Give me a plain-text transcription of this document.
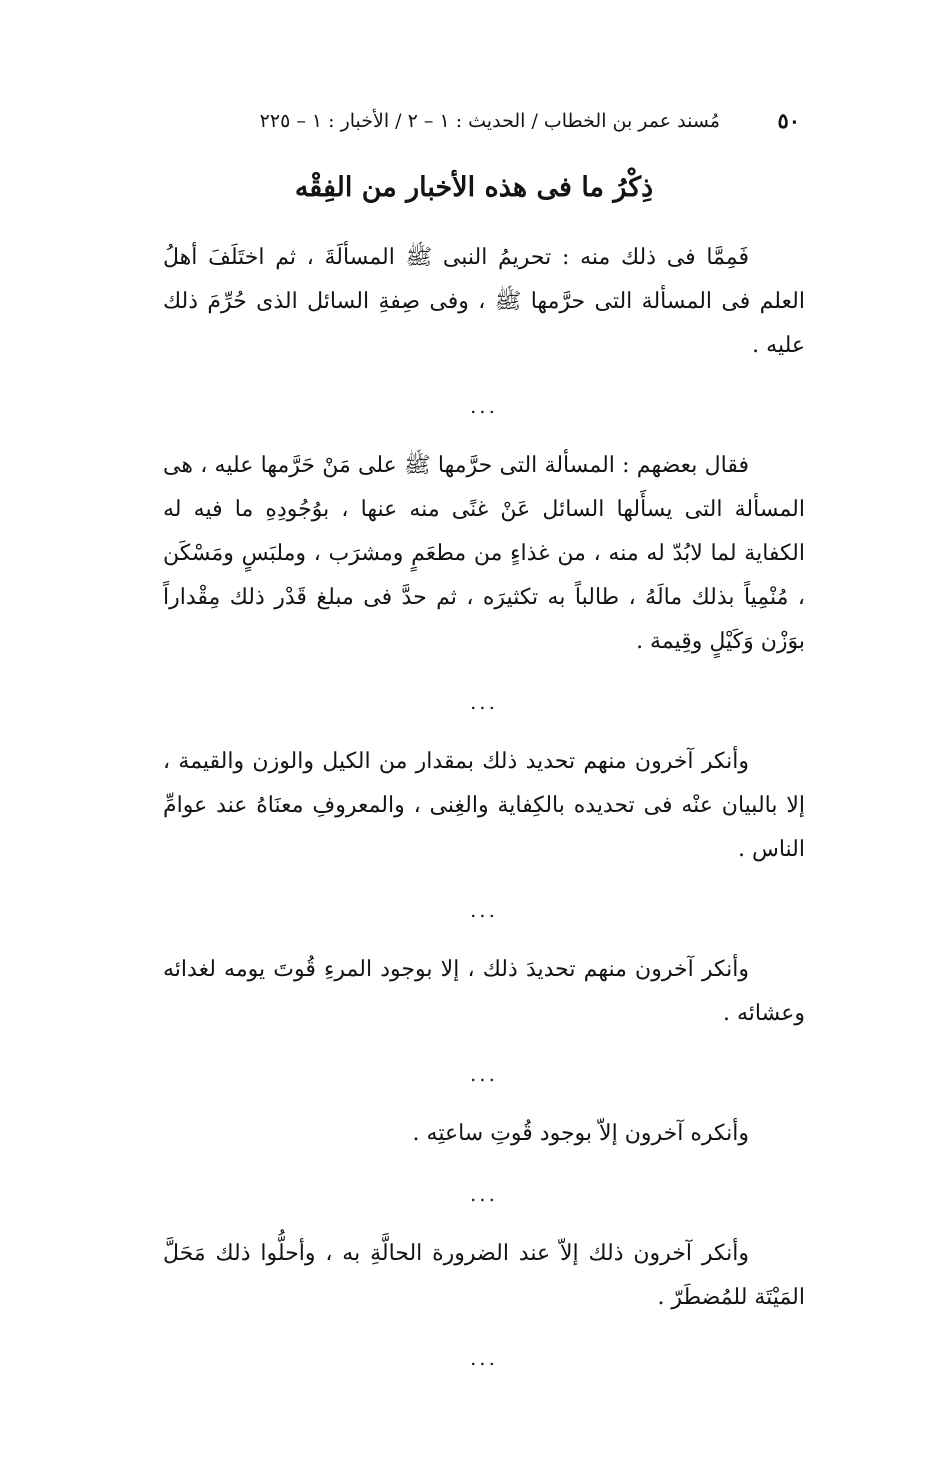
٥٠
مُسند عمر بن الخطاب / الحديث : ١ – ٢ / الأخبار : ١ – ٢٢٥
ذِكْرُ ما فى هذه الأخبار من الفِقْه

فَمِمَّا فى ذلك منه : تحريمُ النبى ﷺ المسألَةَ ، ثم اختَلَفَ أهلُ العلم فى المسألة التى حرَّمها ﷺ ، وفى صِفةِ السائل الذى حُرِّمَ ذلك عليه .

...

فقال بعضهم : المسألة التى حرَّمها ﷺ على مَنْ حَرَّمها عليه ، هى المسألة التى يسأَلها السائل عَنْ غنًى منه عنها ، بوُجُودِهِ ما فيه له الكفاية لما لابُدّ له منه ، من غذاءٍ من مطعَمٍ ومشرَب ، وملبَسٍ ومَسْكَن ، مُنْمِياً بذلك مالَهُ ، طالباً به تكثيرَه ، ثم حدَّ فى مبلغ قَدْر ذلك مِقْداراً بوَزْن وَكَيْلٍ وقِيمة .

...

وأنكر آخرون منهم تحديد ذلك بمقدار من الكيل والوزن والقيمة ، إلا بالبيان عنْه فى تحديده بالكِفاية والغِنى ، والمعروفِ معنَاهُ عند عوامِّ الناس .

...

وأنكر آخرون منهم تحديدَ ذلك ، إلا بوجود المرءِ قُوتَ يومه لغدائه وعشائه .

...

وأنكره آخرون إلاّ بوجود قُوتِ ساعتِه .

...

وأنكر آخرون ذلك إلاّ عند الضرورة الحالَّةِ به ، وأحلُّوا ذلك مَحَلَّ المَيْتَة للمُضطَرّ .

...
